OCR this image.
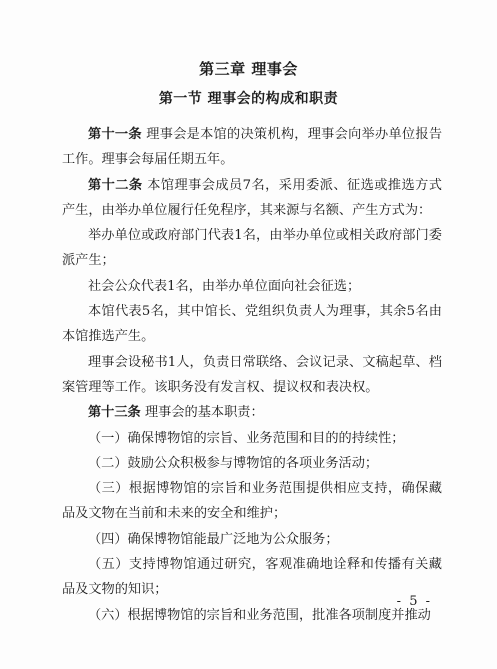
第三章 理事会
第一节 理事会的构成和职责

第十一条 理事会是本馆的决策机构，理事会向举办单位报告工作。理事会每届任期五年。

第十二条 本馆理事会成员7名，采用委派、征选或推选方式产生，由举办单位履行任免程序，其来源与名额、产生方式为：

举办单位或政府部门代表1名，由举办单位或相关政府部门委派产生；

社会公众代表1名，由举办单位面向社会征选；

本馆代表5名，其中馆长、党组织负责人为理事，其余5名由本馆推选产生。

理事会设秘书1人，负责日常联络、会议记录、文稿起草、档案管理等工作。该职务没有发言权、提议权和表决权。

第十三条 理事会的基本职责：

（一）确保博物馆的宗旨、业务范围和目的的持续性；

（二）鼓励公众积极参与博物馆的各项业务活动；

（三）根据博物馆的宗旨和业务范围提供相应支持，确保藏品及文物在当前和未来的安全和维护；

（四）确保博物馆能最广泛地为公众服务；

（五）支持博物馆通过研究，客观准确地诠释和传播有关藏品及文物的知识；

（六）根据博物馆的宗旨和业务范围，批准各项制度并推动

- 5 -
